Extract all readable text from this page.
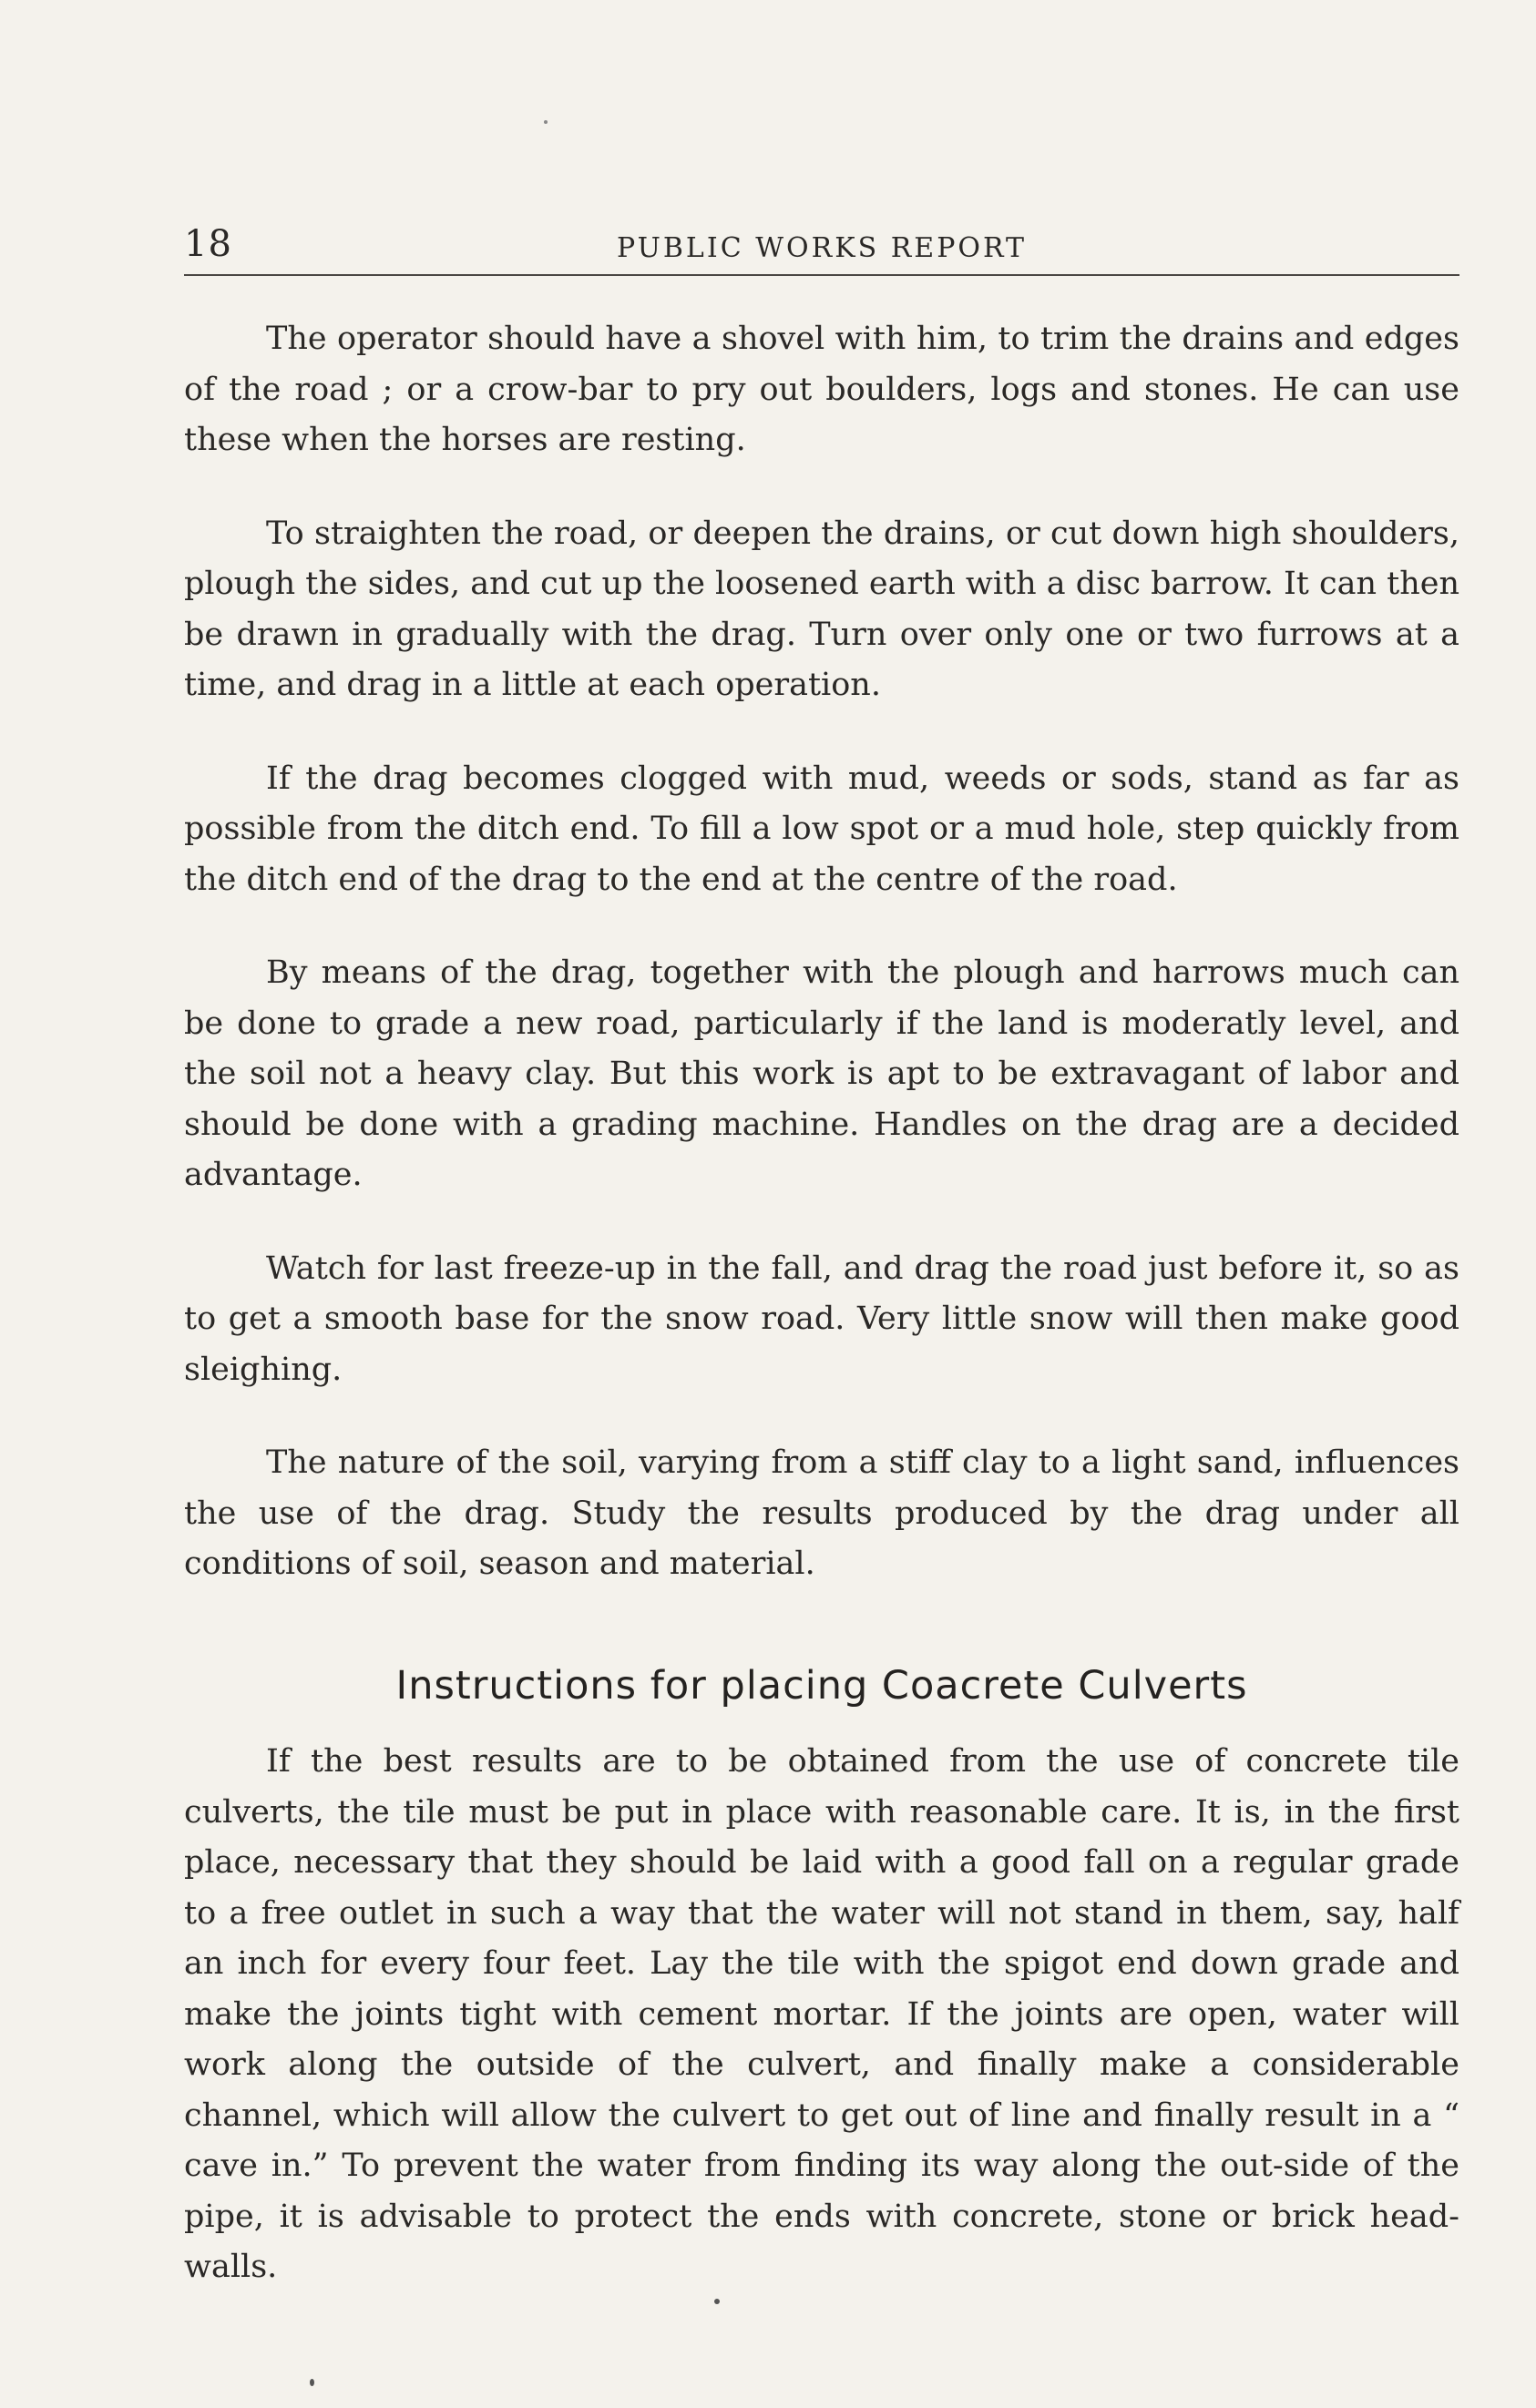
18	PUBLIC WORKS REPORT

The operator should have a shovel with him, to trim the drains and edges of the road ; or a crow-bar to pry out boulders, logs and stones. He can use these when the horses are resting.

To straighten the road, or deepen the drains, or cut down high shoulders, plough the sides, and cut up the loosened earth with a disc barrow. It can then be drawn in gradually with the drag. Turn over only one or two furrows at a time, and drag in a little at each operation.

If the drag becomes clogged with mud, weeds or sods, stand as far as possible from the ditch end. To fill a low spot or a mud hole, step quickly from the ditch end of the drag to the end at the centre of the road.

By means of the drag, together with the plough and harrows much can be done to grade a new road, particularly if the land is moderatly level, and the soil not a heavy clay. But this work is apt to be extravagant of labor and should be done with a grading machine. Handles on the drag are a decided advantage.

Watch for last freeze-up in the fall, and drag the road just before it, so as to get a smooth base for the snow road. Very little snow will then make good sleighing.

The nature of the soil, varying from a stiff clay to a light sand, influences the use of the drag. Study the results produced by the drag under all conditions of soil, season and material.

Instructions for placing Coacrete Culverts

If the best results are to be obtained from the use of concrete tile culverts, the tile must be put in place with reasonable care. It is, in the first place, necessary that they should be laid with a good fall on a regular grade to a free outlet in such a way that the water will not stand in them, say, half an inch for every four feet. Lay the tile with the spigot end down grade and make the joints tight with cement mortar. If the joints are open, water will work along the outside of the culvert, and finally make a considerable channel, which will allow the culvert to get out of line and finally result in a “ cave in.” To prevent the water from finding its way along the out-side of the pipe, it is advisable to protect the ends with concrete, stone or brick head-walls.
